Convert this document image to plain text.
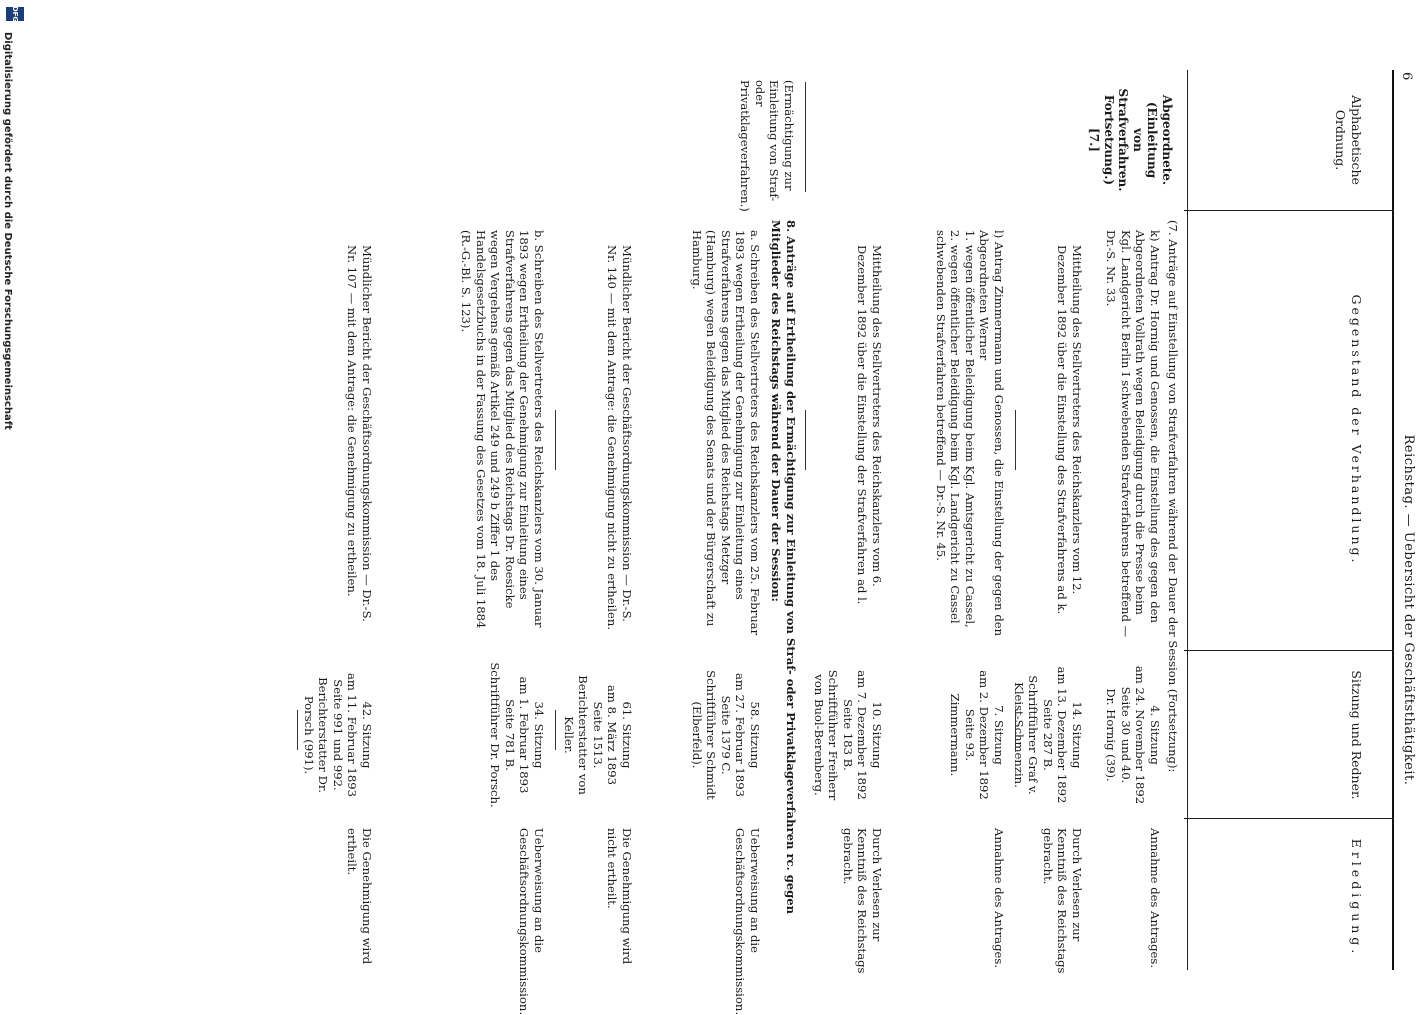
6
Reichstag. — Uebersicht der Geschäftsthätigkeit.
Alphabetische Ordnung.
Gegenstand der Verhandlung.
Sitzung und Redner.
Erledigung.
Abgeordnete.
(Einleitung
von
Strafverfahren.
Fortsetzung.)
[7.]
(7. Anträge auf Einstellung von Strafverfahren während der Dauer der Session (Fortsetzung):
k) Antrag Dr. Hornig und Genossen, die Einstellung des gegen den Abgeordneten Vollrath wegen Beleidigung durch die Presse beim Kgl. Landgericht Berlin I schwebenden Strafverfahrens betreffend — Dr.-S. Nr. 33.
4. Sitzung
am 24. November 1892
Seite 30 und 40.
Dr. Hornig (39).
Annahme des Antrages.
Mittheilung des Stellvertreters des Reichskanzlers vom 12. Dezember 1892 über die Einstellung des Strafverfahrens ad k.
14. Sitzung
am 13. Dezember 1892
Seite 287 B.
Schriftführer Graf v. Kleist-Schmenzin.
Durch Verlesen zur Kenntniß des Reichstags gebracht.
l) Antrag Zimmermann und Genossen, die Einstellung der gegen den Abgeordneten Werner
1. wegen öffentlicher Beleidigung beim Kgl. Amtsgericht zu Cassel,
2. wegen öffentlicher Beleidigung beim Kgl. Landgericht zu Cassel
schwebenden Strafverfahren betreffend — Dr.-S. Nr. 45.
7. Sitzung
am 2. Dezember 1892
Seite 93.
Zimmermann.
Annahme des Antrages.
Mittheilung des Stellvertreters des Reichskanzlers vom 6. Dezember 1892 über die Einstellung der Strafverfahren ad l.
10. Sitzung
am 7. Dezember 1892
Seite 183 B.
Schriftführer Freiherr von Buol-Berenberg.
Durch Verlesen zur Kenntniß des Reichstags gebracht.
(Ermächtigung zur Einleitung von Straf- oder Privatklageverfahren.)
8. Anträge auf Ertheilung der Ermächtigung zur Einleitung von Straf- oder Privatklageverfahren rc. gegen Mitglieder des Reichstags während der Dauer der Session:
a. Schreiben des Stellvertreters des Reichskanzlers vom 25. Februar 1893 wegen Ertheilung der Genehmigung zur Einleitung eines Strafverfahrens gegen das Mitglied des Reichstags Metzger (Hamburg) wegen Beleidigung des Senats und der Bürgerschaft zu Hamburg.
58. Sitzung
am 27. Februar 1893
Seite 1379 C.
Schriftführer Schmidt (Elberfeld).
Ueberweisung an die Geschäftsordnungskommission.
Mündlicher Bericht der Geschäftsordnungskommission — Dr.-S. Nr. 140 — mit dem Antrage: die Genehmigung nicht zu ertheilen.
61. Sitzung
am 8. März 1893
Seite 1513.
Berichterstatter von Keller.
Die Genehmigung wird nicht ertheilt.
b. Schreiben des Stellvertreters des Reichskanzlers vom 30. Januar 1893 wegen Ertheilung der Genehmigung zur Einleitung eines Strafverfahrens gegen das Mitglied des Reichstags Dr. Roesicke wegen Vergehens gemäß Artikel 249 und 249 b Ziffer 1 des Handelsgesetzbuchs in der Fassung des Gesetzes vom 18. Juli 1884 (R.-G.-Bl. S. 123).
34. Sitzung
am 1. Februar 1893
Seite 781 B.
Schriftführer Dr. Porsch.
Ueberweisung an die Geschäftsordnungskommission.
Mündlicher Bericht der Geschäftsordnungskommission — Dr.-S. Nr. 107 — mit dem Antrage: die Genehmigung zu ertheilen.
42. Sitzung
am 11. Februar 1893
Seite 991 und 992.
Berichterstatter Dr. Porsch (991).
Die Genehmigung wird ertheilt.
Digitalisierung gefördert durch die Deutsche Forschungsgemeinschaft
DFG
